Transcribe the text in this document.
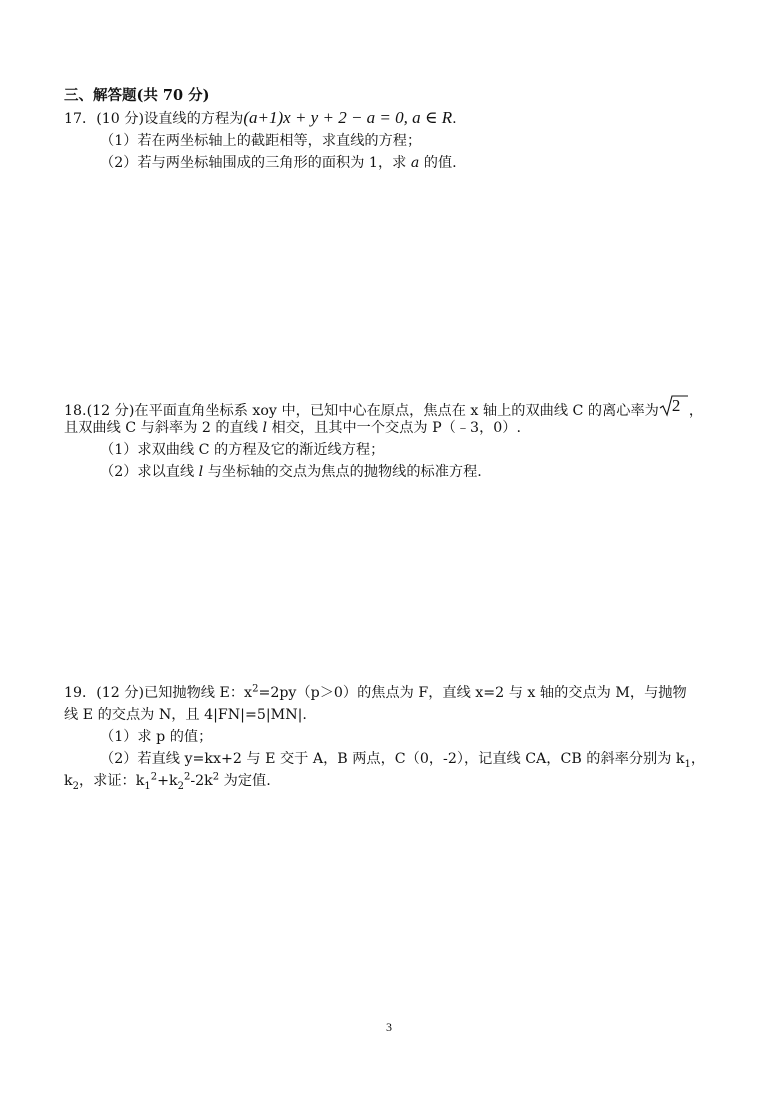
三、解答题(共 70 分)
17．(10 分)设直线的方程为(a+1)x + y + 2 − a = 0, a ∈ R.
（1）若在两坐标轴上的截距相等，求直线的方程；
（2）若与两坐标轴围成的三角形的面积为 1，求 a 的值.
18.(12 分)在平面直角坐标系 xoy 中，已知中心在原点，焦点在 x 轴上的双曲线 C 的离心率为 2 ，
且双曲线 C 与斜率为 2 的直线 l 相交，且其中一个交点为 P（﹣3，0）.
（1）求双曲线 C 的方程及它的渐近线方程；
（2）求以直线 l 与坐标轴的交点为焦点的抛物线的标准方程.
19．(12 分)已知抛物线 E：$x^2=2py(p>0)$的焦点为 F，直线 x=2 与 x 轴的交点为 M，与抛物
线 E 的交点为 N，且 4|FN|=5|MN|.
（1）求 p 的值；
（2）若直线 y=kx+2 与 E 交于 A，B 两点，C（0，-2），记直线 CA，CB 的斜率分别为 $k_1$，
$k_2$，求证：$k_1^2+k_2^2-2k^2$ 为定值.
3
